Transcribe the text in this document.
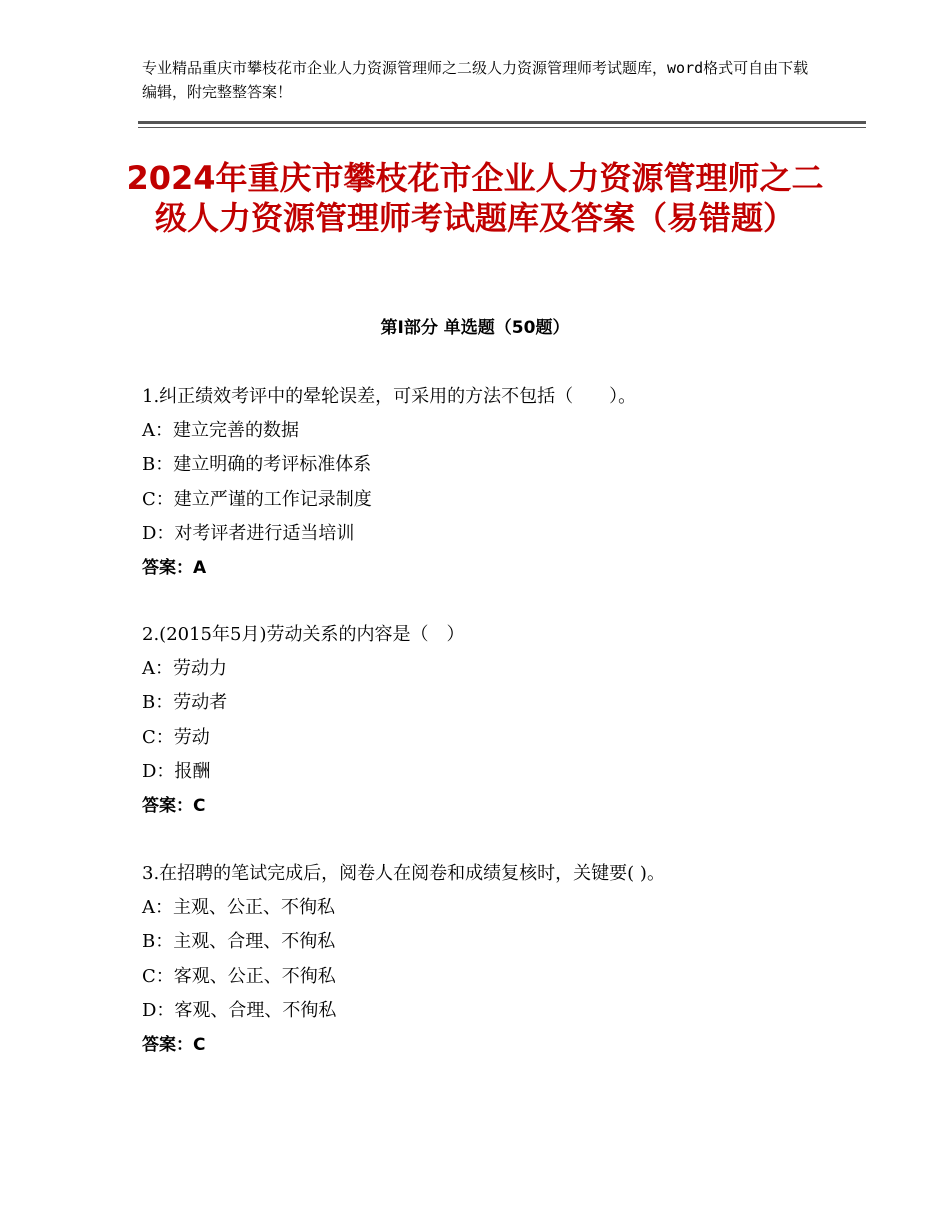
专业精品重庆市攀枝花市企业人力资源管理师之二级人力资源管理师考试题库，word格式可自由下载编辑，附完整整答案！
2024年重庆市攀枝花市企业人力资源管理师之二级人力资源管理师考试题库及答案（易错题）
第Ⅰ部分 单选题（50题）
1.纠正绩效考评中的晕轮误差，可采用的方法不包括（　　）。
A：建立完善的数据
B：建立明确的考评标准体系
C：建立严谨的工作记录制度
D：对考评者进行适当培训
答案：A
2.(2015年5月)劳动关系的内容是（　）
A：劳动力
B：劳动者
C：劳动
D：报酬
答案：C
3.在招聘的笔试完成后，阅卷人在阅卷和成绩复核时，关键要( )。
A：主观、公正、不徇私
B：主观、合理、不徇私
C：客观、公正、不徇私
D：客观、合理、不徇私
答案：C
